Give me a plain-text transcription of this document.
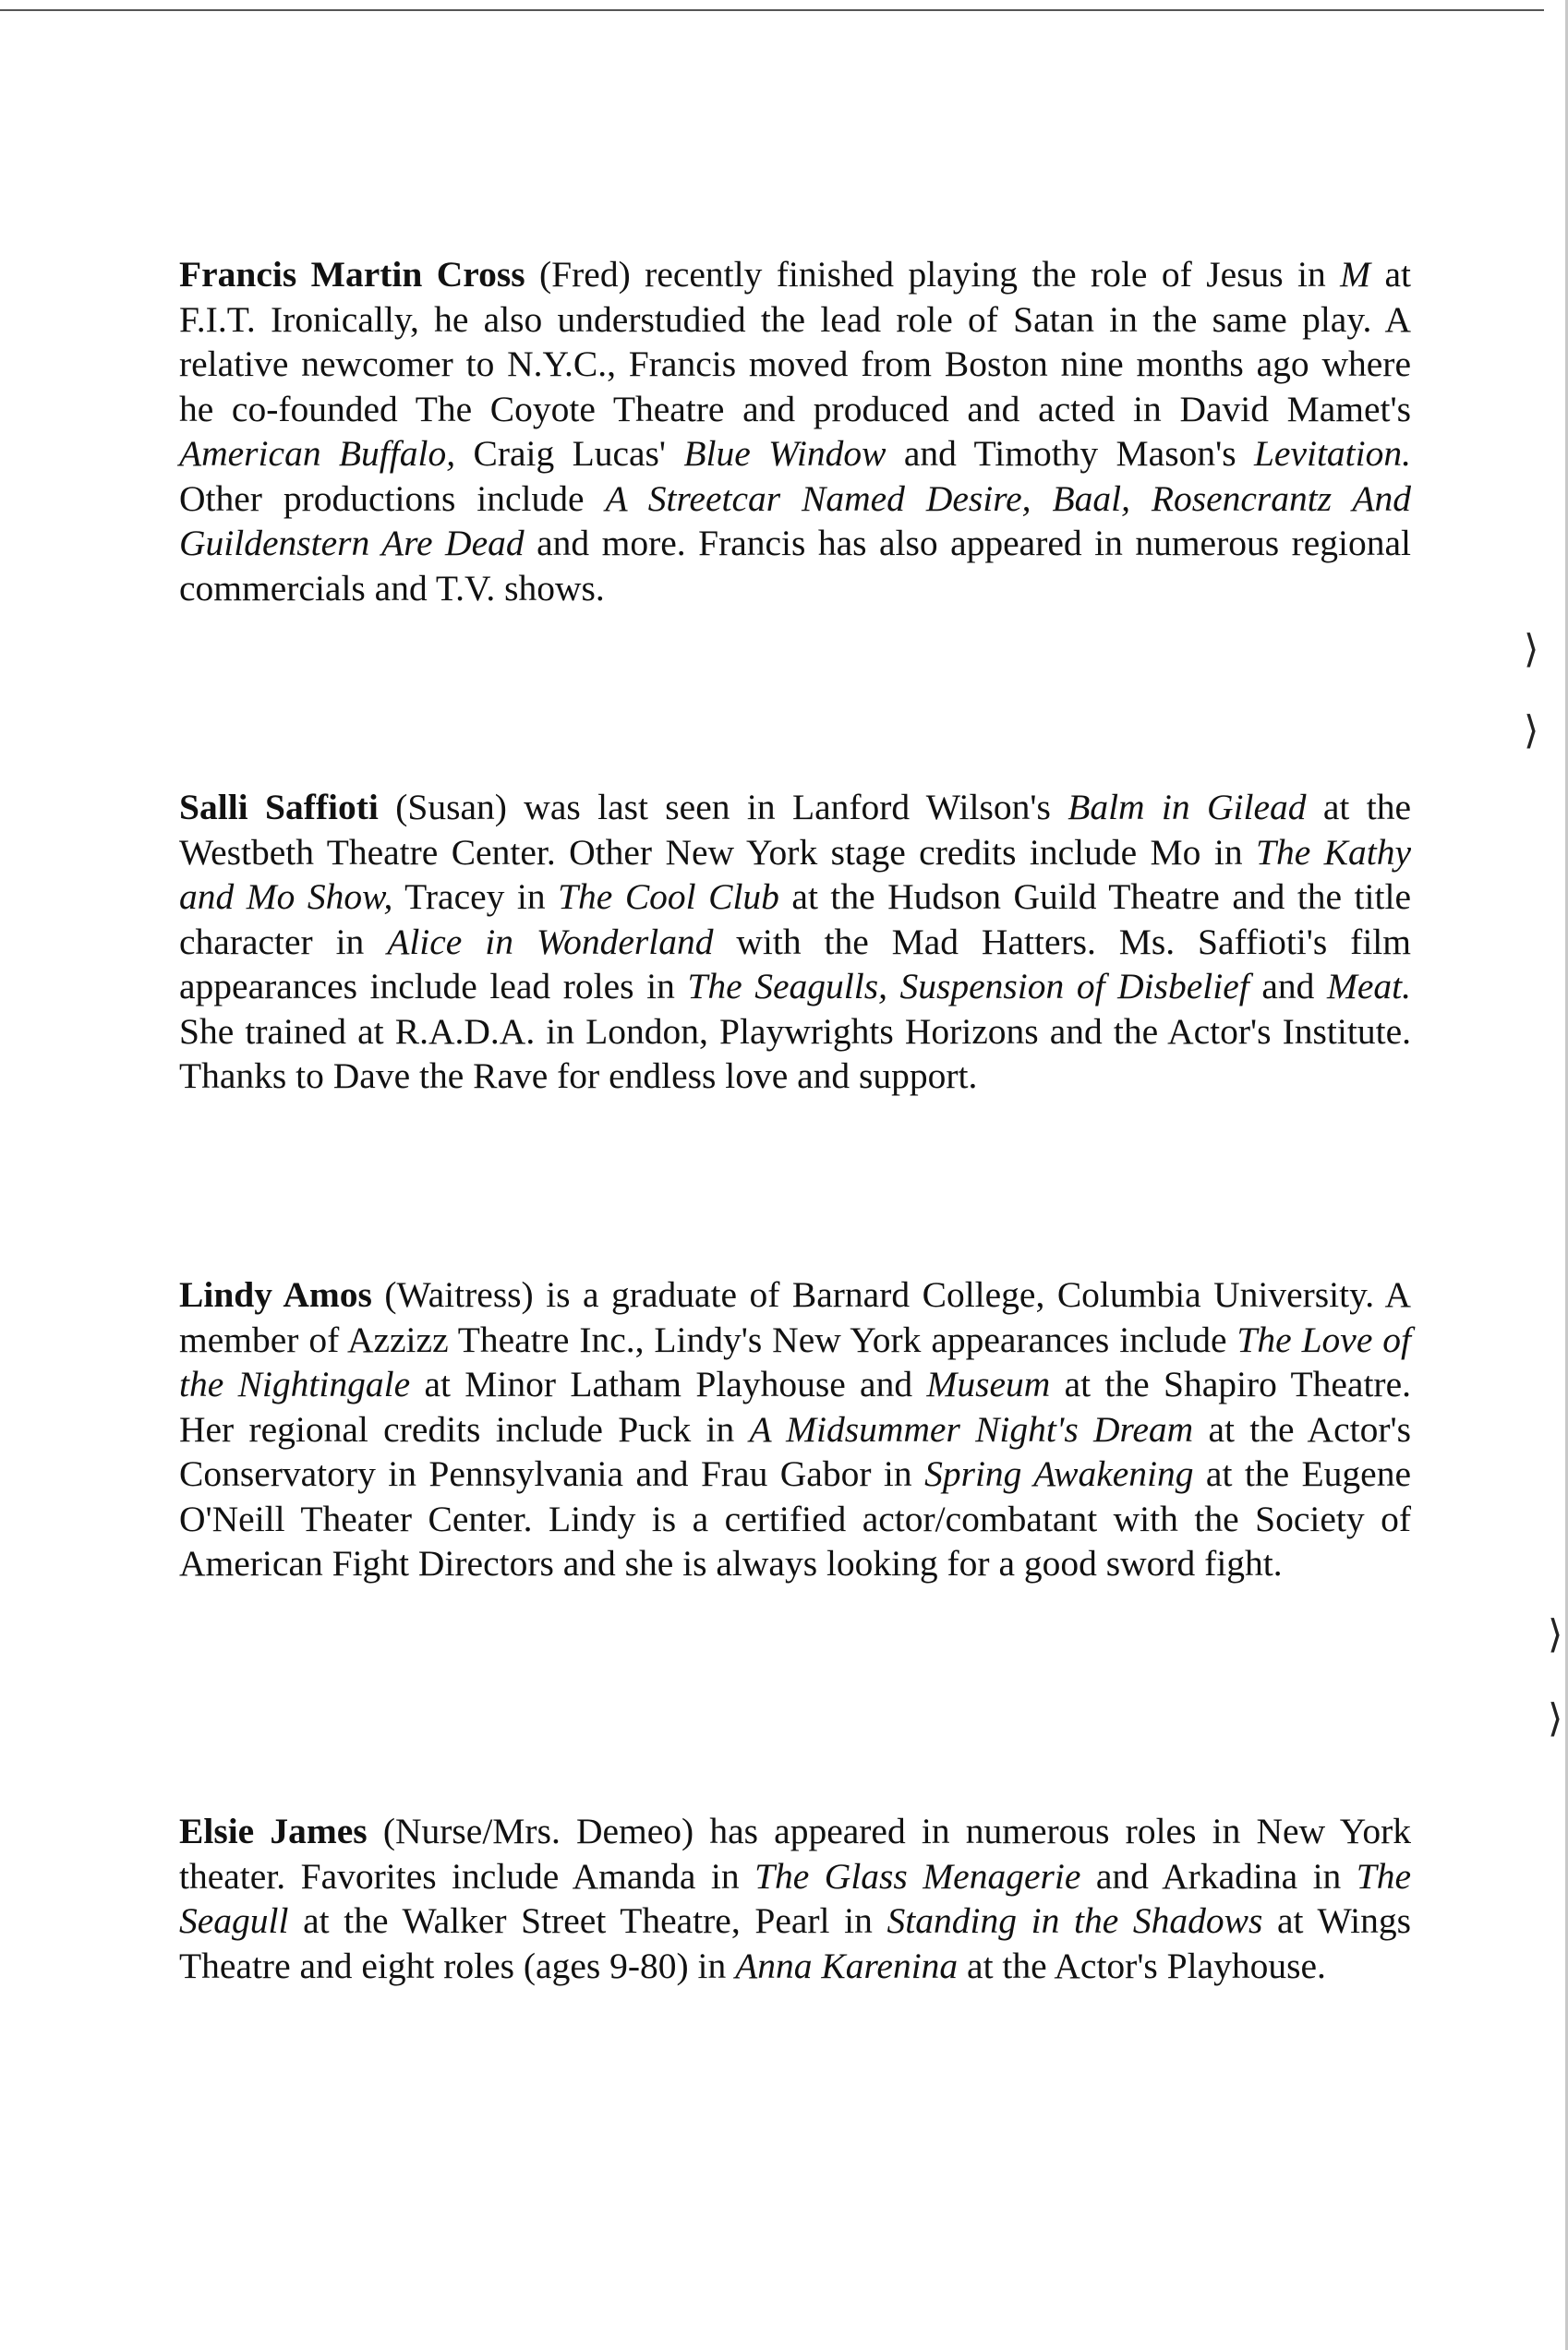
Francis Martin Cross (Fred) recently finished playing the role of Jesus in M at F.I.T. Ironically, he also understudied the lead role of Satan in the same play. A relative newcomer to N.Y.C., Francis moved from Boston nine months ago where he co-founded The Coyote Theatre and produced and acted in David Mamet's American Buffalo, Craig Lucas' Blue Window and Timothy Mason's Levitation. Other productions include A Streetcar Named Desire, Baal, Rosencrantz And Guildenstern Are Dead and more. Francis has also appeared in numerous regional commercials and T.V. shows.

Salli Saffioti (Susan) was last seen in Lanford Wilson's Balm in Gilead at the Westbeth Theatre Center. Other New York stage credits include Mo in The Kathy and Mo Show, Tracey in The Cool Club at the Hudson Guild Theatre and the title character in Alice in Wonderland with the Mad Hatters. Ms. Saffioti's film appearances include lead roles in The Seagulls, Suspension of Disbelief and Meat. She trained at R.A.D.A. in London, Playwrights Horizons and the Actor's Institute. Thanks to Dave the Rave for endless love and support.

Lindy Amos (Waitress) is a graduate of Barnard College, Columbia University. A member of Azzizz Theatre Inc., Lindy's New York appearances include The Love of the Nightingale at Minor Latham Playhouse and Museum at the Shapiro Theatre. Her regional credits include Puck in A Midsummer Night's Dream at the Actor's Conservatory in Pennsylvania and Frau Gabor in Spring Awakening at the Eugene O'Neill Theater Center. Lindy is a certified actor/combatant with the Society of American Fight Directors and she is always looking for a good sword fight.

Elsie James (Nurse/Mrs. Demeo) has appeared in numerous roles in New York theater. Favorites include Amanda in The Glass Menagerie and Arkadina in The Seagull at the Walker Street Theatre, Pearl in Standing in the Shadows at Wings Theatre and eight roles (ages 9-80) in Anna Karenina at the Actor's Playhouse.

⟩
⟩
⟩
⟩
